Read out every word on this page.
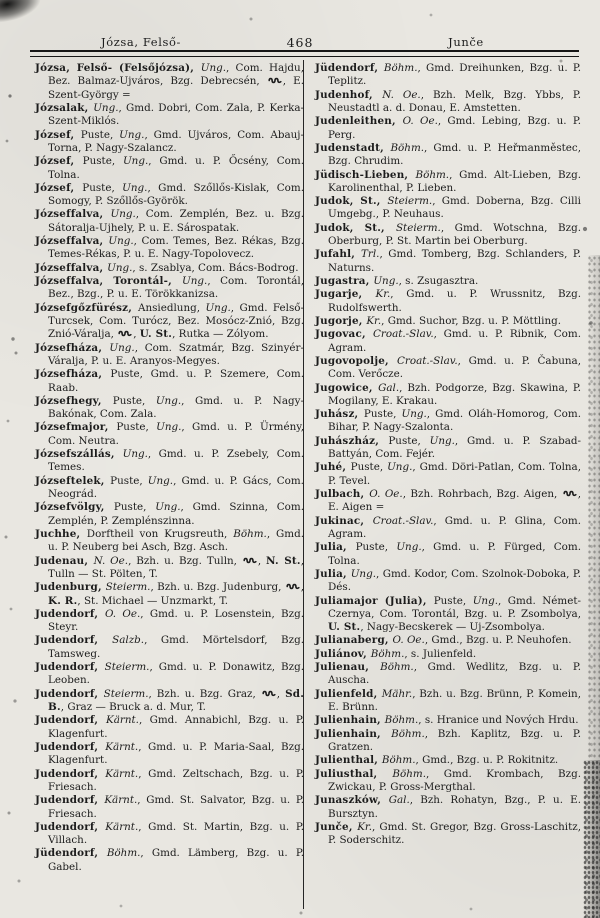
Józsa, Felső-	468	Junče

Józsa, Felső- (Felsőjózsa), Ung., Com. Hajdu, Bez. Balmaz-Ujváros, Bzg. Debrecsén, , E. Szent-György =

Józsalak, Ung., Gmd. Dobri, Com. Zala, P. Kerka-Szent-Miklós.

József, Puste, Ung., Gmd. Ujváros, Com. Abauj-Torna, P. Nagy-Szalancz.

József, Puste, Ung., Gmd. u. P. Őcsény, Com. Tolna.

József, Puste, Ung., Gmd. Szőllős-Kislak, Com. Somogy, P. Szőllős-Györök.

Józseffalva, Ung., Com. Zemplén, Bez. u. Bzg. Sátoralja-Ujhely, P. u. E. Sárospatak.

Józseffalva, Ung., Com. Temes, Bez. Rékas, Bzg. Temes-Rékas, P. u. E. Nagy-Topolovecz.

Józseffalva, Ung., s. Zsablya, Com. Bács-Bodrog.

Józseffalva, Torontál-, Ung., Com. Torontál, Bez., Bzg., P. u. E. Törökkanizsa.

Józsefgőzfürész, Ansiedlung, Ung., Gmd. Felső-Turcsek, Com. Turócz, Bez. Mosócz-Znió, Bzg. Znió-Váralja, , U. St., Rutka — Zólyom.

Józsefháza, Ung., Com. Szatmár, Bzg. Szinyér-Váralja, P. u. E. Aranyos-Megyes.

Józsefháza, Puste, Gmd. u. P. Szemere, Com. Raab.

Józsefhegy, Puste, Ung., Gmd. u. P. Nagy-Bakónak, Com. Zala.

Józsefmajor, Puste, Ung., Gmd. u. P. Ürmény, Com. Neutra.

Józsefszállás, Ung., Gmd. u. P. Zsebely, Com. Temes.

Józseftelek, Puste, Ung., Gmd. u. P. Gács, Com. Neográd.

Józsefvölgy, Puste, Ung., Gmd. Szinna, Com. Zemplén, P. Zemplénszinna.

Juchhe, Dorftheil von Krugsreuth, Böhm., Gmd. u. P. Neuberg bei Asch, Bzg. Asch.

Judenau, N. Oe., Bzh. u. Bzg. Tulln, , N. St., Tulln — St. Pölten, T.

Judenburg, Steierm., Bzh. u. Bzg. Judenburg, , K. R., St. Michael — Unzmarkt, T.

Judendorf, O. Oe., Gmd. u. P. Losenstein, Bzg. Steyr.

Judendorf, Salzb., Gmd. Mörtelsdorf, Bzg. Tamsweg.

Judendorf, Steierm., Gmd. u. P. Donawitz, Bzg. Leoben.

Judendorf, Steierm., Bzh. u. Bzg. Graz, , Sd. B., Graz — Bruck a. d. Mur, T.

Judendorf, Kärnt., Gmd. Annabichl, Bzg. u. P. Klagenfurt.

Judendorf, Kärnt., Gmd. u. P. Maria-Saal, Bzg. Klagenfurt.

Judendorf, Kärnt., Gmd. Zeltschach, Bzg. u. P. Friesach.

Judendorf, Kärnt., Gmd. St. Salvator, Bzg. u. P. Friesach.

Judendorf, Kärnt., Gmd. St. Martin, Bzg. u. P. Villach.

Jüdendorf, Böhm., Gmd. Lämberg, Bzg. u. P. Gabel.

Jüdendorf, Böhm., Gmd. Dreihunken, Bzg. u. P. Teplitz.

Judenhof, N. Oe., Bzh. Melk, Bzg. Ybbs, P. Neustadtl a. d. Donau, E. Amstetten.

Judenleithen, O. Oe., Gmd. Lebing, Bzg. u. P. Perg.

Judenstadt, Böhm., Gmd. u. P. Heřmanměstec, Bzg. Chrudim.

Jüdisch-Lieben, Böhm., Gmd. Alt-Lieben, Bzg. Karolinenthal, P. Lieben.

Judok, St., Steierm., Gmd. Doberna, Bzg. Cilli Umgebg., P. Neuhaus.

Judok, St., Steierm., Gmd. Wotschna, Bzg. Oberburg, P. St. Martin bei Oberburg.

Jufahl, Trl., Gmd. Tomberg, Bzg. Schlanders, P. Naturns.

Jugastra, Ung., s. Zsugasztra.

Jugarje, Kr., Gmd. u. P. Wrussnitz, Bzg. Rudolfswerth.

Jugorje, Kr., Gmd. Suchor, Bzg. u. P. Möttling.

Jugovac, Croat.-Slav., Gmd. u. P. Ribnik, Com. Agram.

Jugovopolje, Croat.-Slav., Gmd. u. P. Čabuna, Com. Verőcze.

Jugowice, Gal., Bzh. Podgorze, Bzg. Skawina, P. Mogilany, E. Krakau.

Juhász, Puste, Ung., Gmd. Oláh-Homorog, Com. Bihar, P. Nagy-Szalonta.

Juhászház, Puste, Ung., Gmd. u. P. Szabad-Battyán, Com. Fejér.

Juhé, Puste, Ung., Gmd. Döri-Patlan, Com. Tolna, P. Tevel.

Julbach, O. Oe., Bzh. Rohrbach, Bzg. Aigen, , E. Aigen =

Jukinac, Croat.-Slav., Gmd. u. P. Glina, Com. Agram.

Julia, Puste, Ung., Gmd. u. P. Fürged, Com. Tolna.

Julia, Ung., Gmd. Kodor, Com. Szolnok-Doboka, P. Dés.

Juliamajor (Julia), Puste, Ung., Gmd. Német-Czernya, Com. Torontál, Bzg. u. P. Zsombolya, U. St., Nagy-Becskerek — Uj-Zsombolya.

Julianaberg, O. Oe., Gmd., Bzg. u. P. Neuhofen.

Juliánov, Böhm., s. Julienfeld.

Julienau, Böhm., Gmd. Wedlitz, Bzg. u. P. Auscha.

Julienfeld, Mähr., Bzh. u. Bzg. Brünn, P. Komein, E. Brünn.

Julienhain, Böhm., s. Hranice und Nových Hrdu.

Julienhain, Böhm., Bzh. Kaplitz, Bzg. u. P. Gratzen.

Julienthal, Böhm., Gmd., Bzg. u. P. Rokitnitz.

Juliusthal, Böhm., Gmd. Krombach, Bzg. Zwickau, P. Gross-Mergthal.

Junaszków, Gal., Bzh. Rohatyn, Bzg., P. u. E. Bursztyn.

Junče, Kr., Gmd. St. Gregor, Bzg. Gross-Laschitz, P. Soderschitz.
